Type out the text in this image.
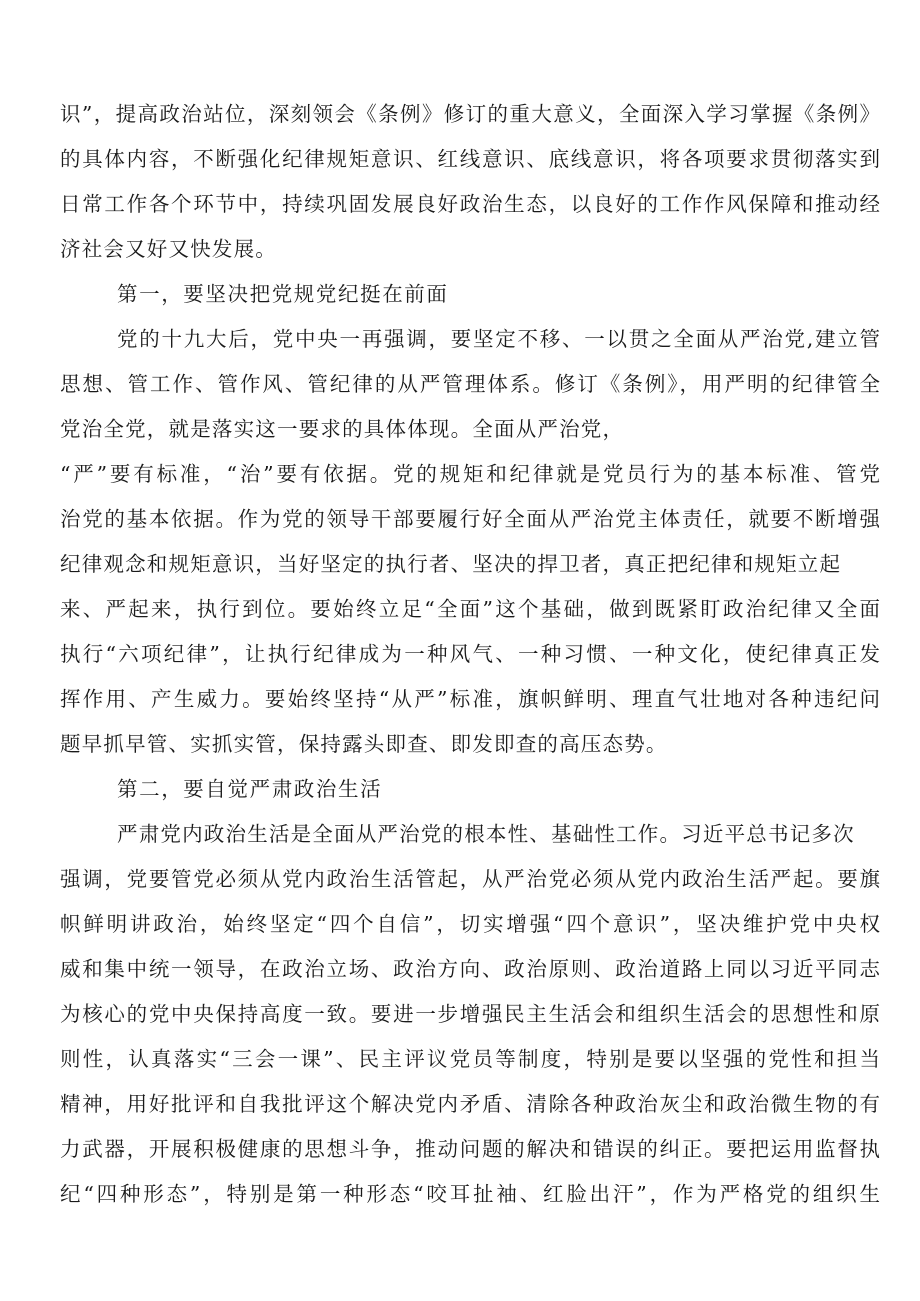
识”，提高政治站位，深刻领会《条例》修订的重大意义，全面深入学习掌握《条例》
的具体内容，不断强化纪律规矩意识、红线意识、底线意识，将各项要求贯彻落实到
日常工作各个环节中，持续巩固发展良好政治生态，以良好的工作作风保障和推动经
济社会又好又快发展。
第一，要坚决把党规党纪挺在前面
党的十九大后，党中央一再强调，要坚定不移、一以贯之全面从严治党,建立管
思想、管工作、管作风、管纪律的从严管理体系。修订《条例》，用严明的纪律管全
党治全党，就是落实这一要求的具体体现。全面从严治党，
“严”要有标准，“治”要有依据。党的规矩和纪律就是党员行为的基本标准、管党
治党的基本依据。作为党的领导干部要履行好全面从严治党主体责任，就要不断增强
纪律观念和规矩意识，当好坚定的执行者、坚决的捍卫者，真正把纪律和规矩立起
来、严起来，执行到位。要始终立足“全面”这个基础，做到既紧盯政治纪律又全面
执行“六项纪律”，让执行纪律成为一种风气、一种习惯、一种文化，使纪律真正发
挥作用、产生威力。要始终坚持“从严”标准，旗帜鲜明、理直气壮地对各种违纪问
题早抓早管、实抓实管，保持露头即查、即发即查的高压态势。
第二，要自觉严肃政治生活
严肃党内政治生活是全面从严治党的根本性、基础性工作。习近平总书记多次
强调，党要管党必须从党内政治生活管起，从严治党必须从党内政治生活严起。要旗
帜鲜明讲政治，始终坚定“四个自信”，切实增强“四个意识”，坚决维护党中央权
威和集中统一领导，在政治立场、政治方向、政治原则、政治道路上同以习近平同志
为核心的党中央保持高度一致。要进一步增强民主生活会和组织生活会的思想性和原
则性，认真落实“三会一课”、民主评议党员等制度，特别是要以坚强的党性和担当
精神，用好批评和自我批评这个解决党内矛盾、清除各种政治灰尘和政治微生物的有
力武器，开展积极健康的思想斗争，推动问题的解决和错误的纠正。要把运用监督执
纪“四种形态”，特别是第一种形态“咬耳扯袖、红脸出汗”，作为严格党的组织生
